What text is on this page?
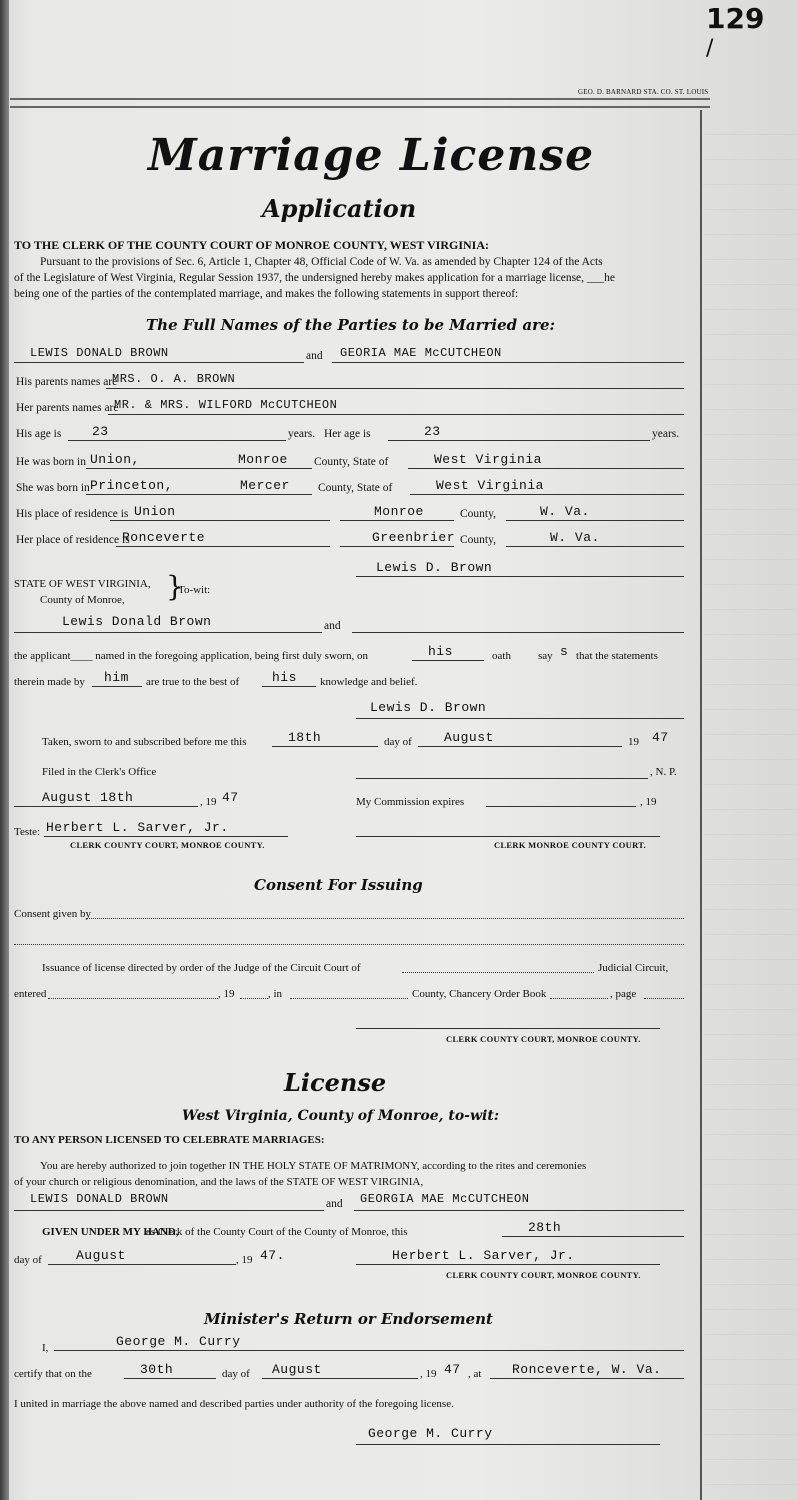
129
/
GEO. D. BARNARD STA. CO. ST. LOUIS
Marriage License
Application
TO THE CLERK OF THE COUNTY COURT OF MONROE COUNTY, WEST VIRGINIA:
Pursuant to the provisions of Sec. 6, Article 1, Chapter 48, Official Code of W. Va. as amended by Chapter 124 of the Acts
of the Legislature of West Virginia, Regular Session 1937, the undersigned hereby makes application for a marriage license, ___he
being one of the parties of the contemplated marriage, and makes the following statements in support thereof:
The Full Names of the Parties to be Married are:
LEWIS DONALD BROWN	and GEORIA MAE McCUTCHEON
His parents names are
MRS. O. A. BROWN
Her parents names are
MR. & MRS. WILFORD McCUTCHEON
His age is 23	years. Her age is	23	years.
He was born in Union,	Monroe County, State of	West Virginia
She was born in Princeton,	Mercer County, State of	West Virginia
His place of residence is Union	Monroe	County,	W. Va.
Her place of residence is
Ronceverte	Greenbrier County,	W. Va.
Lewis D. Brown
STATE OF WEST VIRGINIA, }
To-wit:
County of Monroe,
Lewis Donald Brown	and
the applicant____ named in the foregoing application, being first duly sworn, on	his	oath say s that the statements
therein made by him are true to the best of	his knowledge and belief.
Lewis D. Brown
Taken, sworn to and subscribed before me this	18th	day of August	19 47
Filed in the Clerk's Office	, N. P.
August 18th	, 19 47	My Commission expires	, 19
Teste: Herbert L. Sarver, Jr.
CLERK COUNTY COURT, MONROE COUNTY.	CLERK MONROE COUNTY COURT.
Consent For Issuing
Consent given by
Issuance of license directed by order of the Judge of the Circuit Court of	Judicial Circuit,
entered	, 19	, in	County, Chancery Order Book	, page
CLERK COUNTY COURT, MONROE COUNTY.
License
West Virginia, County of Monroe, to-wit:
TO ANY PERSON LICENSED TO CELEBRATE MARRIAGES:
You are hereby authorized to join together IN THE HOLY STATE OF MATRIMONY, according to the rites and ceremonies
of your church or religious denomination, and the laws of the STATE OF WEST VIRGINIA,
LEWIS DONALD BROWN	and GEORGIA MAE McCUTCHEON
GIVEN UNDER MY HAND,
as Clerk of the County Court of the County of Monroe, this	28th
day of	August	, 19 47.	Herbert L. Sarver, Jr.
CLERK COUNTY COURT, MONROE COUNTY.
Minister's Return or Endorsement
I,	George M. Curry
certify that on the	30th	day of August	, 19 47 , at Ronceverte, W. Va.
I united in marriage the above named and described parties under authority of the foregoing license.
George M. Curry
